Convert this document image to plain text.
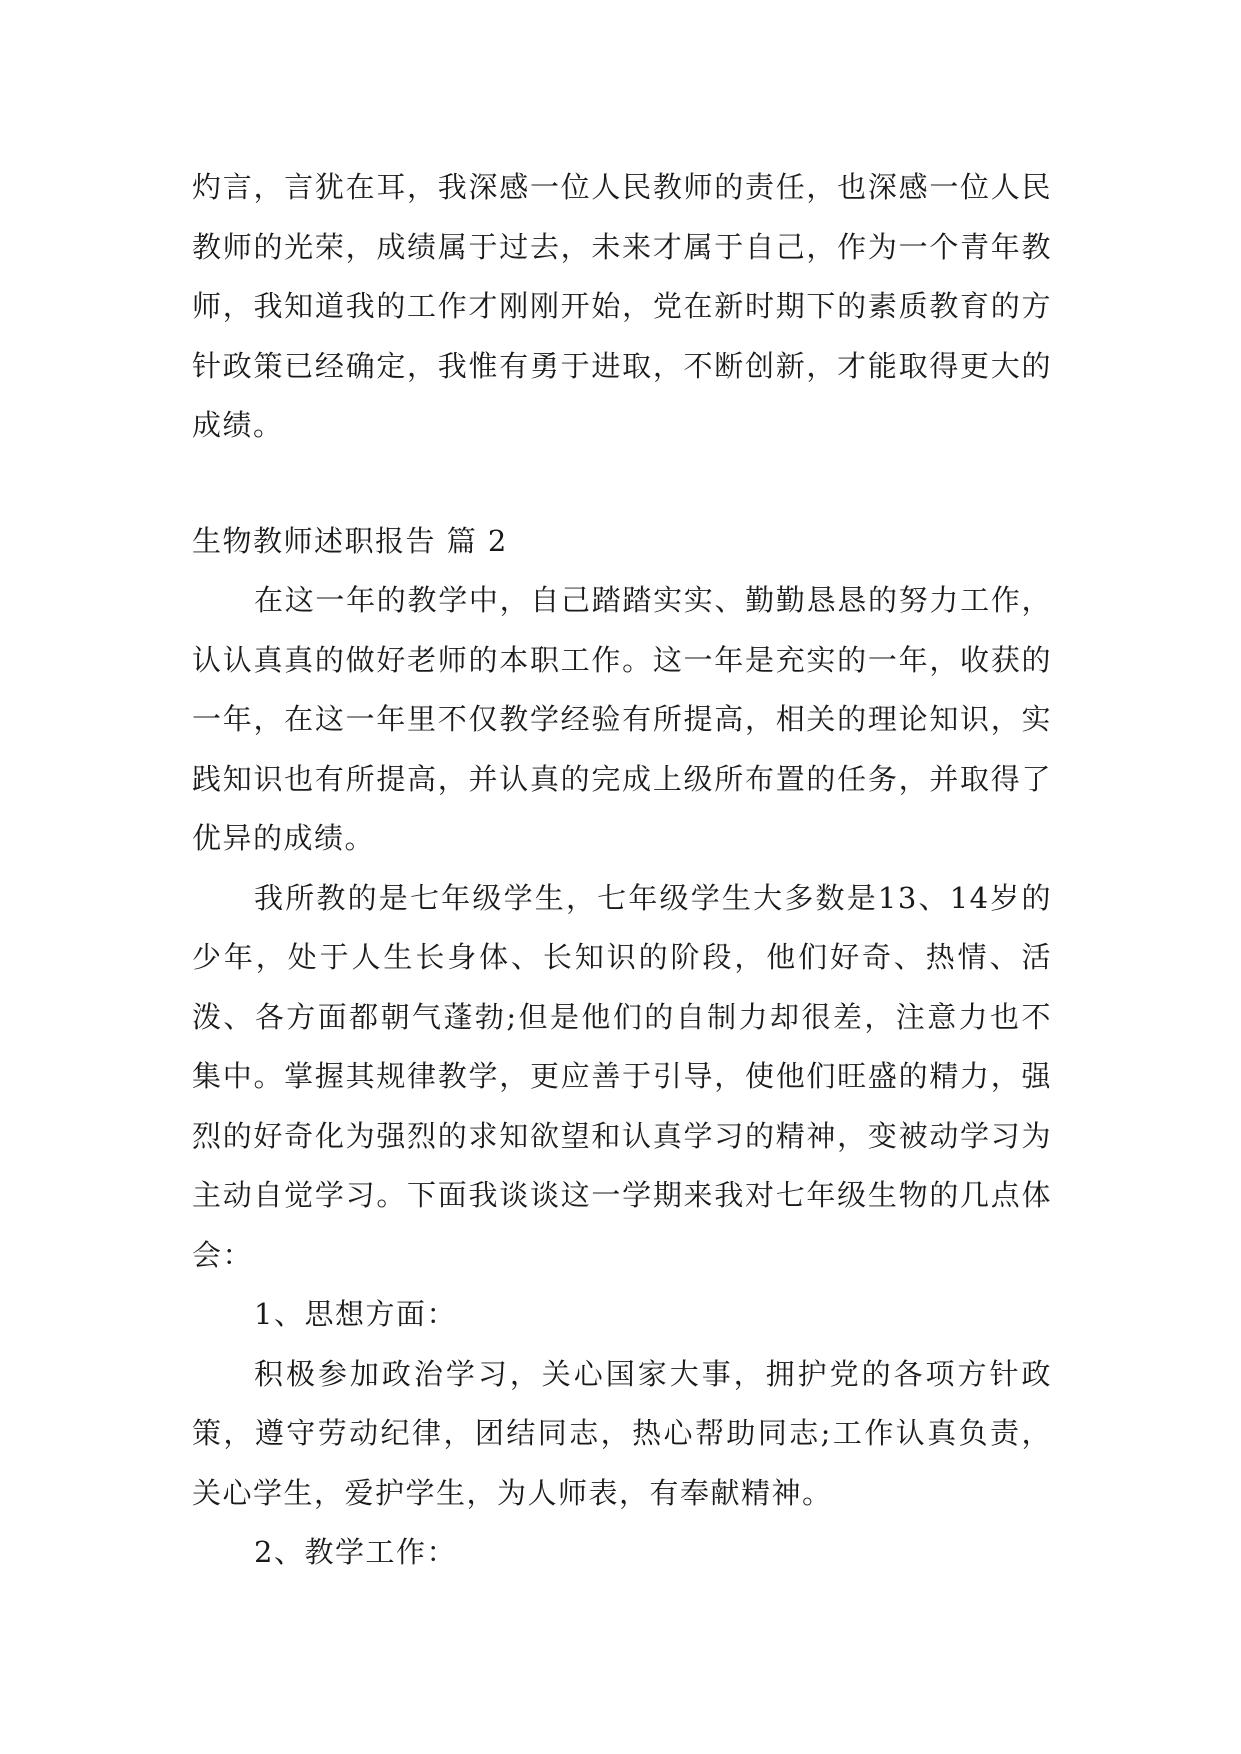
灼言，言犹在耳，我深感一位人民教师的责任，也深感一位人民教师的光荣，成绩属于过去，未来才属于自己，作为一个青年教师，我知道我的工作才刚刚开始，党在新时期下的素质教育的方针政策已经确定，我惟有勇于进取，不断创新，才能取得更大的成绩。

生物教师述职报告 篇 2

在这一年的教学中，自己踏踏实实、勤勤恳恳的努力工作，认认真真的做好老师的本职工作。这一年是充实的一年，收获的一年，在这一年里不仅教学经验有所提高，相关的理论知识，实践知识也有所提高，并认真的完成上级所布置的任务，并取得了优异的成绩。

我所教的是七年级学生，七年级学生大多数是13、14岁的少年，处于人生长身体、长知识的阶段，他们好奇、热情、活泼、各方面都朝气蓬勃;但是他们的自制力却很差，注意力也不集中。掌握其规律教学，更应善于引导，使他们旺盛的精力，强烈的好奇化为强烈的求知欲望和认真学习的精神，变被动学习为主动自觉学习。下面我谈谈这一学期来我对七年级生物的几点体会：

1、思想方面：

积极参加政治学习，关心国家大事，拥护党的各项方针政策，遵守劳动纪律，团结同志，热心帮助同志;工作认真负责，关心学生，爱护学生，为人师表，有奉献精神。

2、教学工作：
